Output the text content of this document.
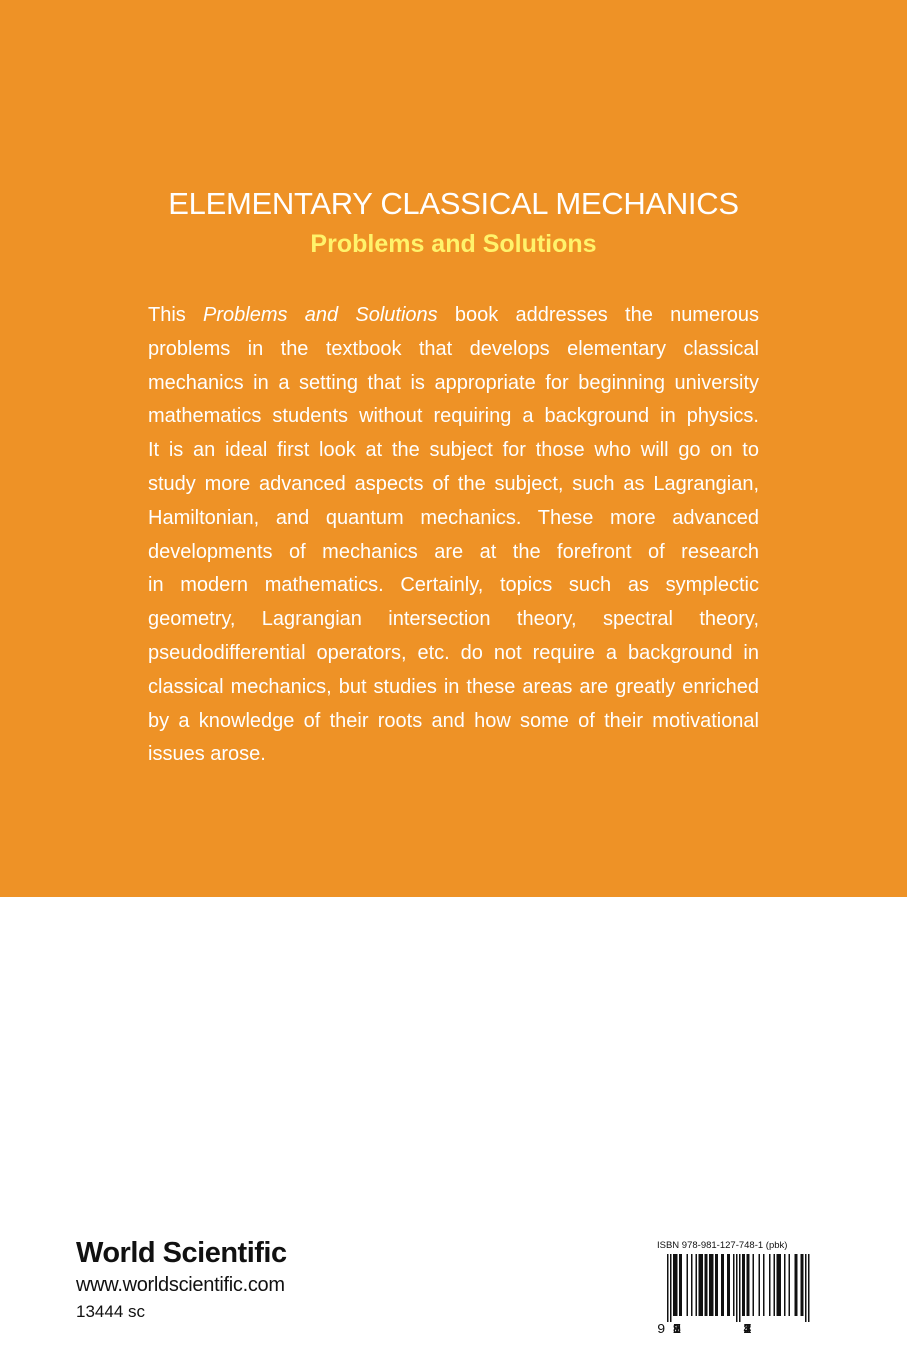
ELEMENTARY CLASSICAL MECHANICS
Problems and Solutions
This Problems and Solutions book addresses the numerous
problems in the textbook that develops elementary classical
mechanics in a setting that is appropriate for beginning university
mathematics students without requiring a background in physics.
It is an ideal first look at the subject for those who will go on to
study more advanced aspects of the subject, such as Lagrangian,
Hamiltonian, and quantum mechanics. These more advanced
developments of mechanics are at the forefront of research
in modern mathematics. Certainly, topics such as symplectic
geometry, Lagrangian intersection theory, spectral theory,
pseudodifferential operators, etc. do not require a background in
classical mechanics, but studies in these areas are greatly enriched
by a knowledge of their roots and how some of their motivational
issues arose.
World Scientific
www.worldscientific.com
13444 sc
ISBN 978-981-127-748-1 (pbk)
9 789811	277481
